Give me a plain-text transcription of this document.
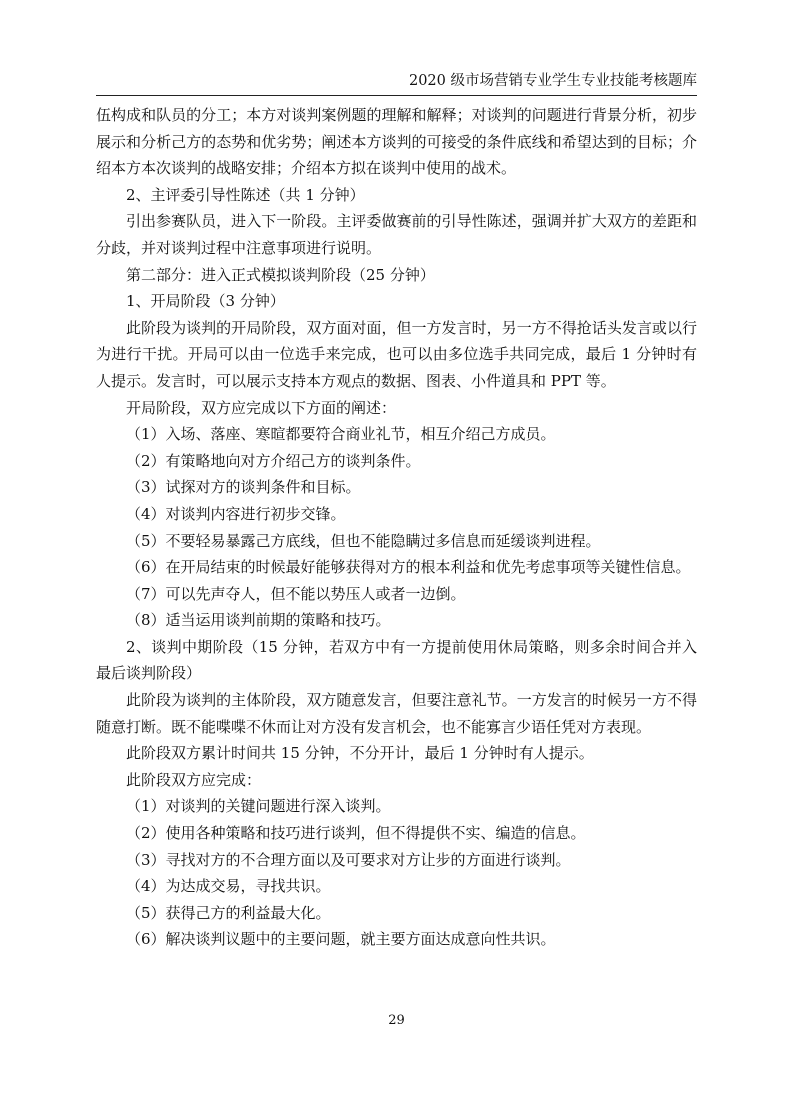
2020 级市场营销专业学生专业技能考核题库

伍构成和队员的分工；本方对谈判案例题的理解和解释；对谈判的问题进行背景分析，初步展示和分析己方的态势和优劣势；阐述本方谈判的可接受的条件底线和希望达到的目标；介绍本方本次谈判的战略安排；介绍本方拟在谈判中使用的战术。

2、主评委引导性陈述（共 1 分钟）

引出参赛队员，进入下一阶段。主评委做赛前的引导性陈述，强调并扩大双方的差距和分歧，并对谈判过程中注意事项进行说明。

第二部分：进入正式模拟谈判阶段（25 分钟）

1、开局阶段（3 分钟）

此阶段为谈判的开局阶段，双方面对面，但一方发言时，另一方不得抢话头发言或以行为进行干扰。开局可以由一位选手来完成，也可以由多位选手共同完成，最后 1 分钟时有人提示。发言时，可以展示支持本方观点的数据、图表、小件道具和 PPT 等。

开局阶段，双方应完成以下方面的阐述：

（1）入场、落座、寒暄都要符合商业礼节，相互介绍己方成员。

（2）有策略地向对方介绍己方的谈判条件。

（3）试探对方的谈判条件和目标。

（4）对谈判内容进行初步交锋。

（5）不要轻易暴露己方底线，但也不能隐瞒过多信息而延缓谈判进程。

（6）在开局结束的时候最好能够获得对方的根本利益和优先考虑事项等关键性信息。

（7）可以先声夺人，但不能以势压人或者一边倒。

（8）适当运用谈判前期的策略和技巧。

2、谈判中期阶段（15 分钟，若双方中有一方提前使用休局策略，则多余时间合并入最后谈判阶段）

此阶段为谈判的主体阶段，双方随意发言，但要注意礼节。一方发言的时候另一方不得随意打断。既不能喋喋不休而让对方没有发言机会，也不能寡言少语任凭对方表现。

此阶段双方累计时间共 15 分钟，不分开计，最后 1 分钟时有人提示。

此阶段双方应完成：

（1）对谈判的关键问题进行深入谈判。

（2）使用各种策略和技巧进行谈判，但不得提供不实、编造的信息。

（3）寻找对方的不合理方面以及可要求对方让步的方面进行谈判。

（4）为达成交易，寻找共识。

（5）获得己方的利益最大化。

（6）解决谈判议题中的主要问题，就主要方面达成意向性共识。

29
